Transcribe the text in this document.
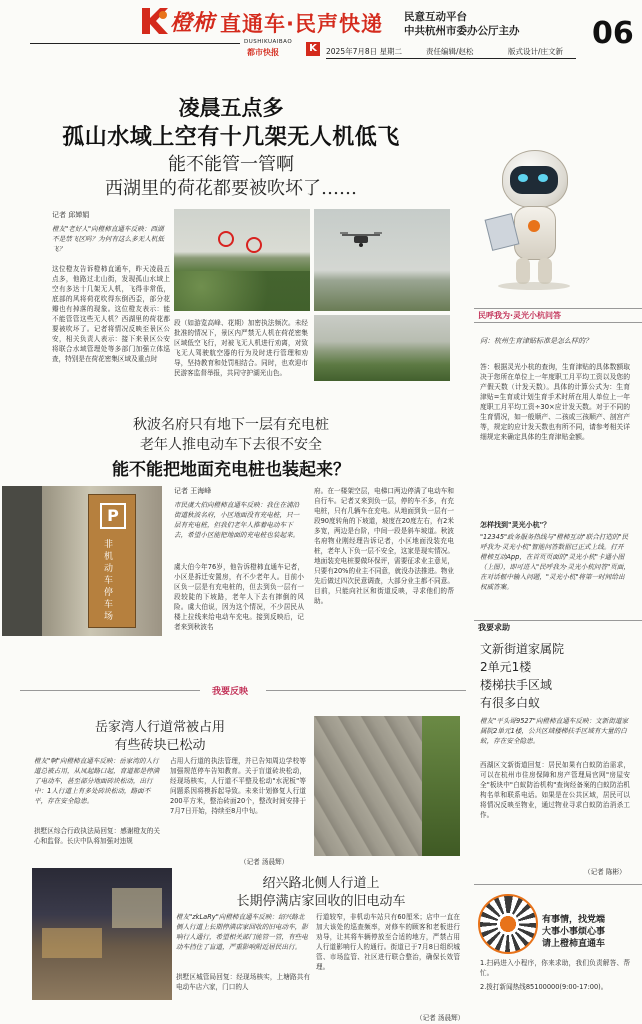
橙柿 直通车·民声快递 民意互动平台
中共杭州市委办公厅主办 06
DUSHIKUAIBAO
都市快报	K	2025年7月8日 星期二	责任编辑/赵松	版式设计/庄文新
凌晨五点多
孤山水域上空有十几架无人机低飞
能不能管一管啊
西湖里的荷花都要被吹坏了……
记者 邱婵娟
橙友"老好人"向橙柿直通车反映：西湖不是禁飞区吗？为何有这么多无人机低飞？
这位橙友告诉橙柿直通车，昨天凌晨五点多，他路过北山街，发现孤山水域上空有多达十几架无人机，飞得非常低，底部的风将荷花吹得东倒西歪，部分花瓣也有掉落的现象。这位橙友表示：能不能管管这些无人机？西湖里的荷花都要被吹坏了。记者将情况反映至景区公安，相关负责人表示：接下来景区公安将联合水域管理处等多部门加强立体巡查，特别是在荷花密集区域及重点时
段（如游览高峰、花期）加密执法频次。未经批准的情况下，景区内严禁无人机在荷花密集区域低空飞行，对被飞无人机进行劝离，对致飞无人驾驶航空器的行为及时进行管理和劝导，坚持教育和处罚相结合。同时，也欢迎市民游客监督举报，共同守护湖光山色。
秋波名府只有地下一层有充电桩
老年人推电动车下去很不安全
能不能把地面充电桩也装起来？
P
非机动车停车场
记者 王海峰
市民虞大伯向橙柿直通车反映：我住在浦沿街道秋波名府，小区地面没有充电桩，只一层有充电桩，但我们老年人推着电动车下去，希望小区能把地面的充电桩也装起来。
虞大伯今年76岁，他告诉橙柿直通车记者，小区是拆迁安置房，有不少老年人。目前小区负一层是有充电桩的，但去到负一层有一段较陡的下坡路，老年人下去有摔倒的风险。虞大伯说，因为这个情况，不少居民从楼上拉线来给电动车充电。接到反映后，记者来到秋波名
府。在一楼架空层，电梯口两边停满了电动车和自行车。记者又来到负一层，停的车不多，有充电桩，只有几辆车在充电。从地面到负一层有一段90度转角的下坡道，坡度在20度左右，有2米多宽，两边是台阶，中间一段是斜车坡道。秋波名府物业刚经理告诉记者，小区地面没装充电桩，老年人下负一层不安全，这家是现实情况。地面装充电桩要做环保评，需要征求业主意见，只要有20%的业主不同意，就没办法推进。物业先后做过四次民意调查，大部分业主都不同意。目前，只能向社区和街道反映，寻求他们的帮助。
我要反映
岳家湾人行道常被占用
有些砖块已松动
橙友"啊"向橙柿直通车反映：岳家湾的人行道总被占用，从凤起路口起，育道都是停满了电动车，甚至部分地面砖块松动，出行中：1人行道上有多处砖块松动，路面不平，存在安全隐患。
拱墅区综合行政执法局回复：感谢橙友的关心和监督。长庆中队将加强对违规
占用人行道的执法管理，并已告知周边学校等加强规范停车告知教育。关于盲道砖块松动，经现场核实，人行道不平整及松动"水泥板"等问题系因将模拆起导致。未来计划修复人行道200平方米，整治砖面20个，整改时间安排于7月7日开始，持续至8月中旬。
（记者 汤晨辉）
绍兴路北侧人行道上
长期停满店家回收的旧电动车
橙友"zkLaRy"向橙柿直通车反映：绍兴路北侧人行道上长期停满店家回收的旧电动车，影响行人通行，希望相关部门能管一管，有些电动车挡住了盲道，严重影响附近居民出行。
拱墅区城管局回复：经现场核实，上塘路共有电动车店六家，门口的人
行道较窄，非机动车站只有60厘米；店中一直在加大该处的巡查频率，对修车的顾客和老板进行劝导，让其将车辆停放至合适的地方，严禁占用人行道影响行人的通行。街道已于7月8日组织城管、市场监管、社区进行联合整治，确保长效管理。
（记者 汤晨辉）
民呼我为·灵光小杭问答
问：杭州生育津贴标准是怎么样的？
答：根据灵光小杭的查询，生育津贴的具体数额取决于您所在单位上一年度职工月平均工资以及您的产假天数（计发天数）。具体的计算公式为：生育津贴=生育或计划生育手术时所在用人单位上一年度职工月平均工资÷30×应计发天数。对于不同的生育情况，如一般顺产、二孩或三孩顺产、剖宫产等，规定的应计发天数也有所不同，请参考相关详细规定来确定具体的生育津贴金额。
怎样找到"灵光小杭"？
"12345"政务服务热线与"橙柿互动"联合打造的"民呼我为·灵光小杭"智能问答数据已正式上线。打开橙柿互动App，在首页页面的"灵光小杭"卡通小图（上图），即可进入"民呼我为·灵光小杭问答"页面，在对话框中输入问题，"灵光小杭"将第一时间给出权威答案。
我要求助
文新街道家属院
2单元1楼
楼梯扶手区域
有很多白蚁
橙友"平头哥9527"向橙柿直通车反映：文新街道家属院2单元1楼，公共区域楼梯扶手区域有大量的白蚁，存在安全隐患。
西湖区文新街道回复：居民如果有白蚁防治需求，可以在杭州市住房保障和房产管理局官网"房屋安全"板块中"白蚁防治机构"查询经备案的白蚁防治机构名单和联系电话。如果是在公共区域，居民可以将情况反映至物业，通过物业寻求白蚁防治消杀工作。
（记者 陈彬）
有事情，找党端
大事小事烦心事
请上橙柿直通车
1.扫码进入小程序，你来求助，我们负责解答、帮忙。
2.拨打新闻热线85100000(9:00-17:00)。
